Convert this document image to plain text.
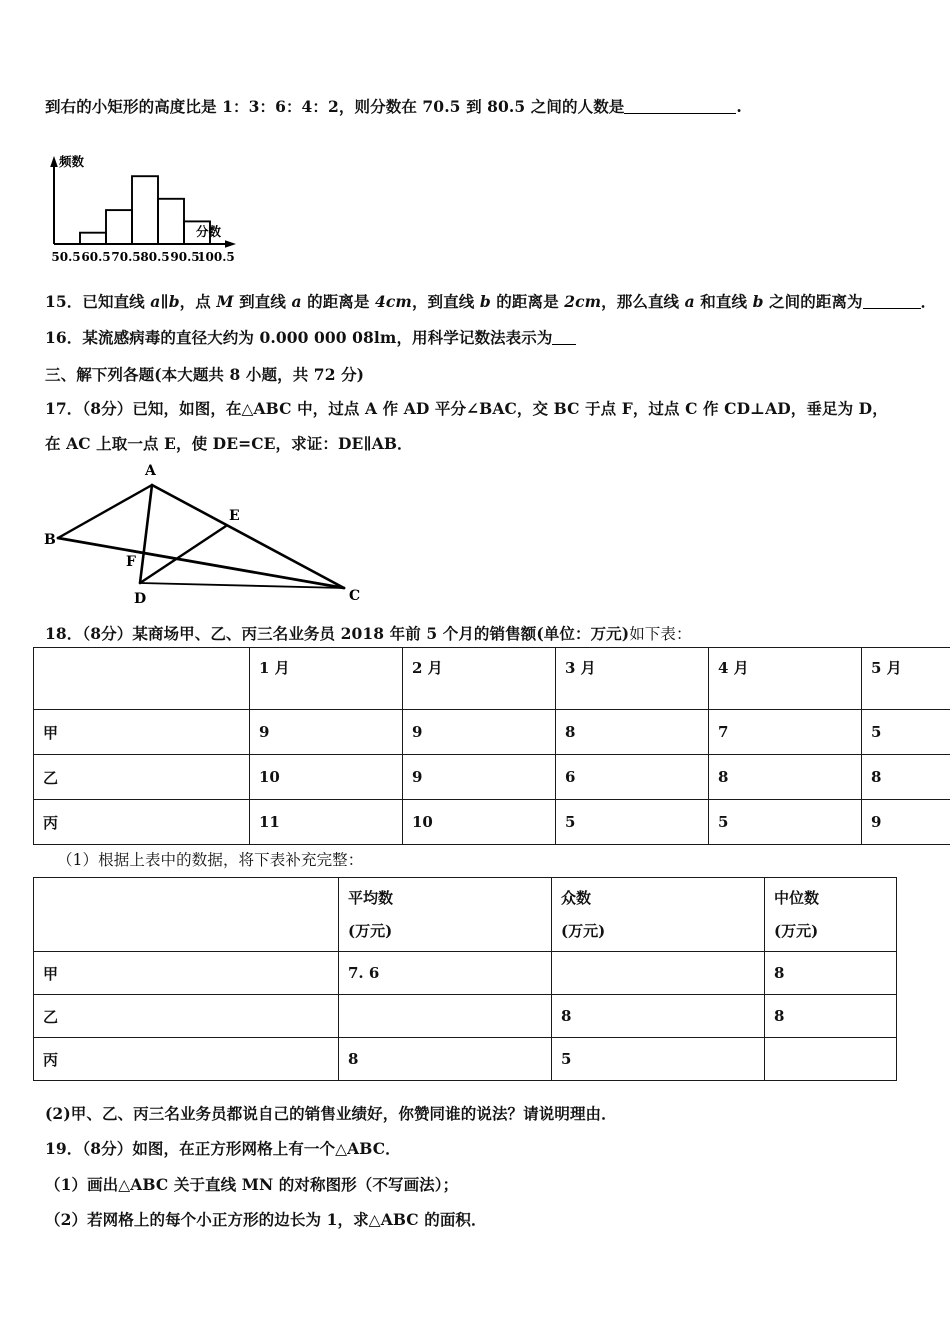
到右的小矩形的高度比是 1：3：6：4：2，则分数在 70.5 到 80.5 之间的人数是	.
频数
分数
50.5 60.5 70.5 80.5 90.5
100.5
15．已知直线 a∥b，点 M 到直线 a 的距离是 4cm，到直线 b 的距离是 2cm，那么直线 a 和直线 b 之间的距离为	．
16．某流感病毒的直径大约为 0.000 000 08lm，用科学记数法表示为
三、解下列各题(本大题共 8 小题，共 72 分)
17．（8分）已知，如图，在△ABC 中，过点 A 作 AD 平分∠BAC，交 BC 于点 F，过点 C 作 CD⊥AD，垂足为 D，
在 AC 上取一点 E，使 DE=CE，求证：DE∥AB．
A
B
C
D
E
F
18．（8分）某商场甲、乙、丙三名业务员 2018 年前 5 个月的销售额(单位：万元)如下表：
	1 月	2 月	3 月	4 月	5 月
甲	9	9	8	7	5
乙	10	9	6	8	8
丙	11	10	5	5	9
（1）根据上表中的数据，将下表补充完整：
	平均数
(万元)	众数
(万元)	中位数
(万元)

甲	7. 6		8
乙		8	8
丙	8	5	
(2)甲、乙、丙三名业务员都说自己的销售业绩好，你赞同谁的说法？请说明理由．
19．（8分）如图，在正方形网格上有一个△ABC．
（1）画出△ABC 关于直线 MN 的对称图形（不写画法）；
（2）若网格上的每个小正方形的边长为 1，求△ABC 的面积．
